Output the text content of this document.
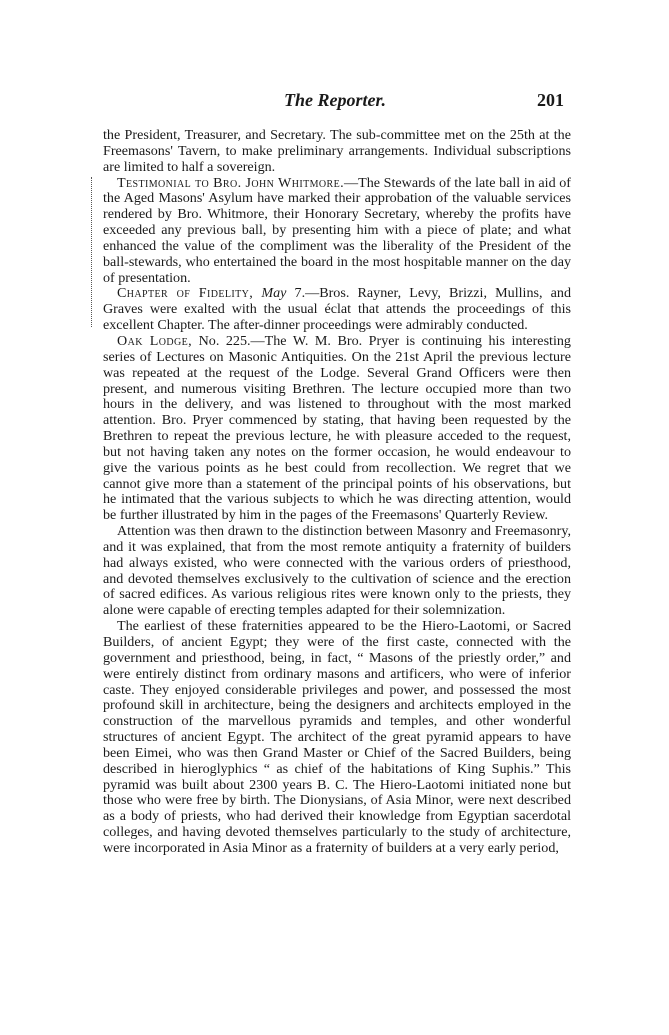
The Reporter.	201

the President, Treasurer, and Secretary. The sub-committee met on the 25th at the Freemasons' Tavern, to make preliminary arrangements. Individual subscriptions are limited to half a sovereign.

Testimonial to Bro. John Whitmore.—The Stewards of the late ball in aid of the Aged Masons' Asylum have marked their approbation of the valuable services rendered by Bro. Whitmore, their Honorary Secretary, whereby the profits have exceeded any previous ball, by presenting him with a piece of plate; and what enhanced the value of the compliment was the liberality of the President of the ball-stewards, who entertained the board in the most hospitable manner on the day of presentation.

Chapter of Fidelity, May 7.—Bros. Rayner, Levy, Brizzi, Mullins, and Graves were exalted with the usual éclat that attends the proceedings of this excellent Chapter. The after-dinner proceedings were admirably conducted.

Oak Lodge, No. 225.—The W. M. Bro. Pryer is continuing his interesting series of Lectures on Masonic Antiquities. On the 21st April the previous lecture was repeated at the request of the Lodge. Several Grand Officers were then present, and numerous visiting Brethren. The lecture occupied more than two hours in the delivery, and was listened to throughout with the most marked attention. Bro. Pryer commenced by stating, that having been requested by the Brethren to repeat the previous lecture, he with pleasure acceded to the request, but not having taken any notes on the former occasion, he would endeavour to give the various points as he best could from recollection. We regret that we cannot give more than a statement of the principal points of his observations, but he intimated that the various subjects to which he was directing attention, would be further illustrated by him in the pages of the Freemasons' Quarterly Review.

Attention was then drawn to the distinction between Masonry and Freemasonry, and it was explained, that from the most remote antiquity a fraternity of builders had always existed, who were connected with the various orders of priesthood, and devoted themselves exclusively to the cultivation of science and the erection of sacred edifices. As various religious rites were known only to the priests, they alone were capable of erecting temples adapted for their solemnization.

The earliest of these fraternities appeared to be the Hiero-Laotomi, or Sacred Builders, of ancient Egypt; they were of the first caste, connected with the government and priesthood, being, in fact, “ Masons of the priestly order,” and were entirely distinct from ordinary masons and artificers, who were of inferior caste. They enjoyed considerable privileges and power, and possessed the most profound skill in architecture, being the designers and architects employed in the construction of the marvellous pyramids and temples, and other wonderful structures of ancient Egypt. The architect of the great pyramid appears to have been Eimei, who was then Grand Master or Chief of the Sacred Builders, being described in hieroglyphics “ as chief of the habitations of King Suphis.” This pyramid was built about 2300 years B. C. The Hiero-Laotomi initiated none but those who were free by birth. The Dionysians, of Asia Minor, were next described as a body of priests, who had derived their knowledge from Egyptian sacerdotal colleges, and having devoted themselves particularly to the study of architecture, were incorporated in Asia Minor as a fraternity of builders at a very early period,
